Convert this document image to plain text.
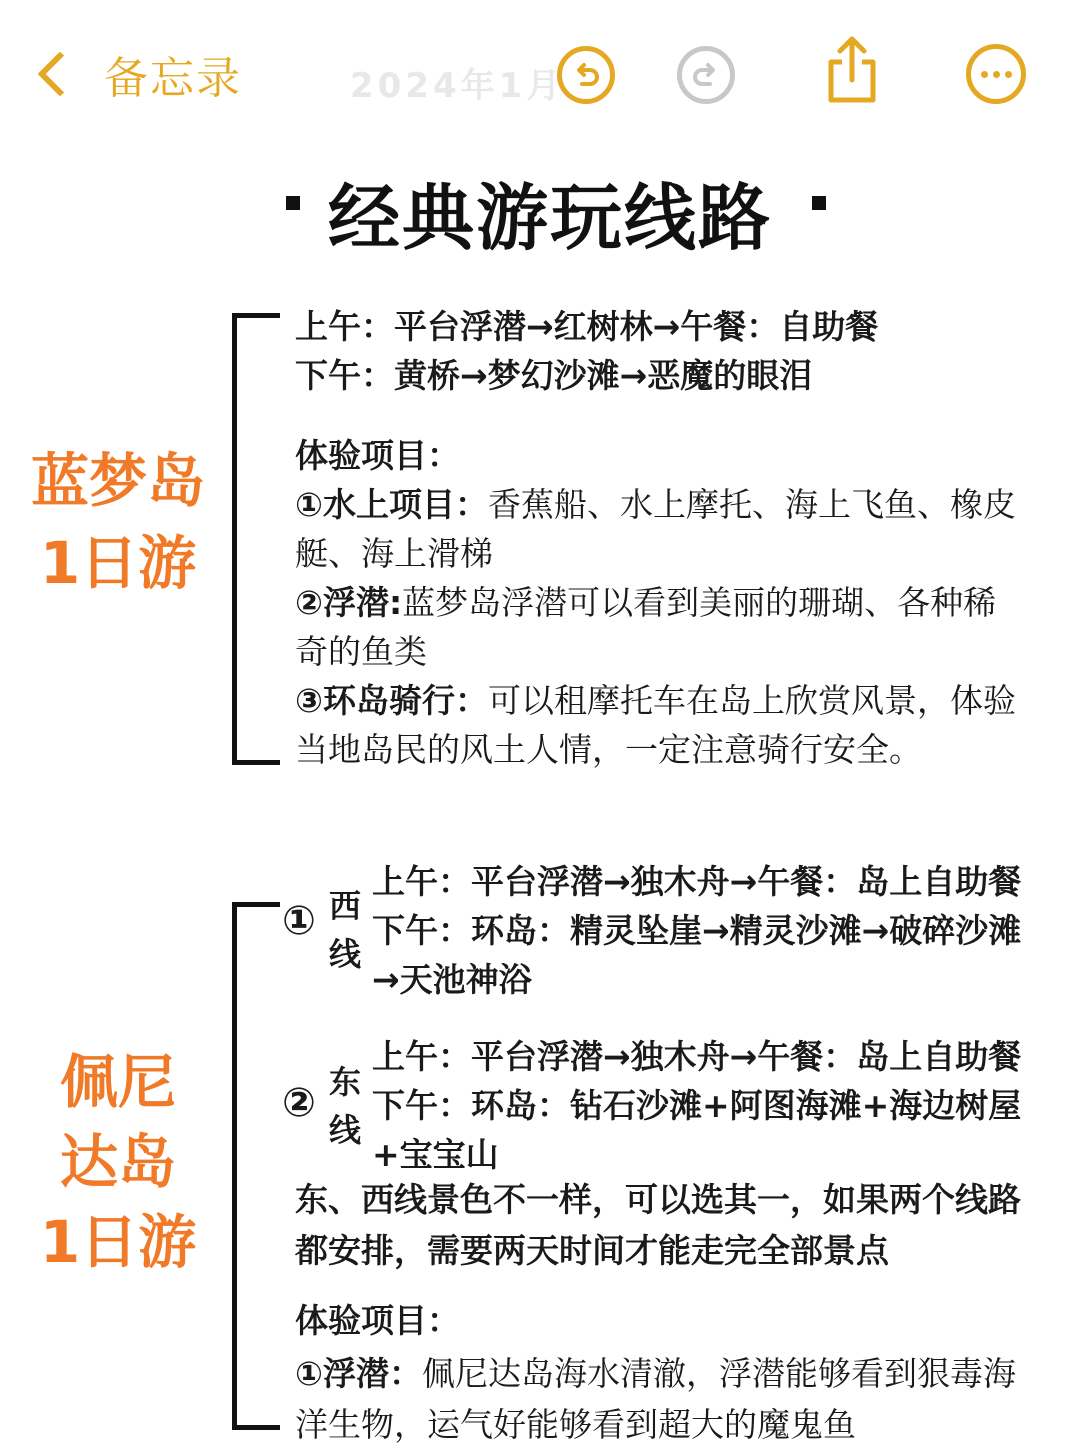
备忘录	2024年1月
经典游玩线路
蓝梦岛
1日游
上午：平台浮潜→红树林→午餐：自助餐
下午：黄桥→梦幻沙滩→恶魔的眼泪
体验项目：
①水上项目：香蕉船、水上摩托、海上飞鱼、橡皮
艇、海上滑梯
②浮潜:蓝梦岛浮潜可以看到美丽的珊瑚、各种稀
奇的鱼类
③环岛骑行：可以租摩托车在岛上欣赏风景，体验
当地岛民的风土人情，一定注意骑行安全。
佩尼
达岛
1日游
① 西
线
上午：平台浮潜→独木舟→午餐：岛上自助餐
下午：环岛：精灵坠崖→精灵沙滩→破碎沙滩
→天池神浴
② 东
线
上午：平台浮潜→独木舟→午餐：岛上自助餐
下午：环岛：钻石沙滩+阿图海滩+海边树屋
+宝宝山
东、西线景色不一样，可以选其一，如果两个线路
都安排，需要两天时间才能走完全部景点
体验项目：
①浮潜：佩尼达岛海水清澈，浮潜能够看到狠毒海
洋生物，运气好能够看到超大的魔鬼鱼
